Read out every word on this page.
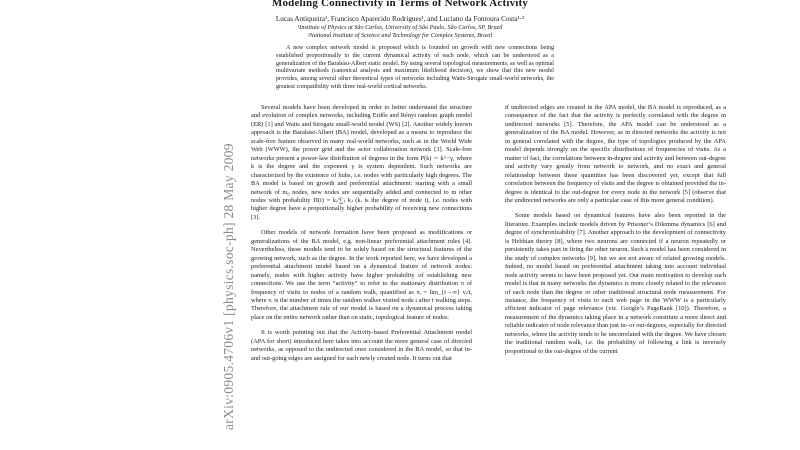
Modeling Connectivity in Terms of Network Activity
Lucas Antiqueira¹, Francisco Aparecido Rodrigues¹, and Luciano da Fontoura Costa¹·²
¹Institute of Physics at São Carlos, University of São Paulo, São Carlos, SP, Brazil
²National Institute of Science and Technology for Complex Systems, Brazil
A new complex network model is proposed which is founded on growth with new connections being established proportionally to the current dynamical activity of each node, which can be understood as a generalization of the Barabási-Albert static model. By using several topological measurements, as well as optimal multivariate methods (canonical analysis and maximum likelihood decision), we show that this new model provides, among several other theoretical types of networks including Watts-Strogatz small-world networks, the greatest compatibility with three real-world cortical networks.
arXiv:0905.4706v1 [physics.soc-ph] 28 May 2009

Several models have been developed in order to better understand the structure and evolution of complex networks, including Erdős and Rényi random graph model (ER) [1] and Watts and Strogatz small-world model (WS) [2]. Another widely known approach is the Barabási-Albert (BA) model, developed as a means to reproduce the scale-free feature observed in many real-world networks, such as in the World Wide Web (WWW), the power grid and the actor collaboration network [3]. Scale-free networks present a power-law distribution of degrees in the form P(k) ∼ k^−γ, where k is the degree and the exponent γ is system dependent. Such networks are characterized by the existence of hubs, i.e. nodes with particularly high degrees. The BA model is based on growth and preferential attachment: starting with a small network of m₀ nodes, new nodes are sequentially added and connected to m other nodes with probability Π(i) = kᵢ/∑ⱼ kⱼ (kᵢ is the degree of node i), i.e. nodes with higher degree have a proportionally higher probability of receiving new connections [3].

Other models of network formation have been proposed as modifications or generalizations of the BA model, e.g. non-linear preferential attachment rules [4]. Nevertheless, these models tend to be solely based on the structural features of the growing network, such as the degree. In the work reported here, we have developed a preferential attachment model based on a dynamical feature of network nodes: namely, nodes with higher activity have higher probability of establishing new connections. We use the term “activity” to refer to the stationary distribution π of frequency of visits to nodes of a random walk, quantified as πᵢ = lim_{t→∞} vᵢ/t, where vᵢ is the number of times the random walker visited node i after t walking steps. Therefore, the attachment rule of our model is based on a dynamical process taking place on the entire network rather than on static, topological feature of nodes.

It is worth pointing out that the Activity-based Preferential Attachment model (APA for short) introduced here takes into account the more general case of directed networks, as opposed to the undirected ones considered in the BA model, so that in- and out-going edges are assigned for each newly created node. It turns out that

if undirected edges are created in the APA model, the BA model is reproduced, as a consequence of the fact that the activity is perfectly correlated with the degree in undirected networks [5]. Therefore, the APA model can be understood as a generalization of the BA model. However, as in directed networks the activity is not in general correlated with the degree, the type of topologies produced by the APA model depends strongly on the specific distributions of frequencies of visits. As a matter of fact, the correlations between in-degree and activity and between out-degree and activity vary greatly from network to network, and no exact and general relationship between these quantities has been discovered yet, except that full correlation between the frequency of visits and the degree is obtained provided the in-degree is identical to the out-degree for every node in the network [5] (observe that the undirected networks are only a particular case of this more general condition).

Some models based on dynamical features have also been reported in the literature. Examples include models driven by Prisoner’s Dilemma dynamics [6] and degree of synchronizability [7]. Another approach to the development of connectivity is Hebbian theory [8], where two neurons are connected if a neuron repeatedly or persistently takes part in firing the other neuron. Such a model has been considered in the study of complex networks [9], but we are not aware of related growing models. Indeed, no model based on preferential attachment taking into account individual node activity seems to have been proposed yet. Our main motivation to develop such model is that in many networks the dynamics is more closely related to the relevance of each node than the degree or other traditional structural node measurement. For instance, the frequency of visits to each web page in the WWW is a particularly efficient indicator of page relevance (viz. Google’s PageRank [10]). Therefore, a measurement of the dynamics taking place in a network constitute a more direct and reliable indicator of node relevance than just in- or out-degrees, especially for directed networks, where the activity tends to be uncorrelated with the degree. We have chosen the traditional random walk, i.e. the probability of following a link is inversely proportional to the out-degree of the current
